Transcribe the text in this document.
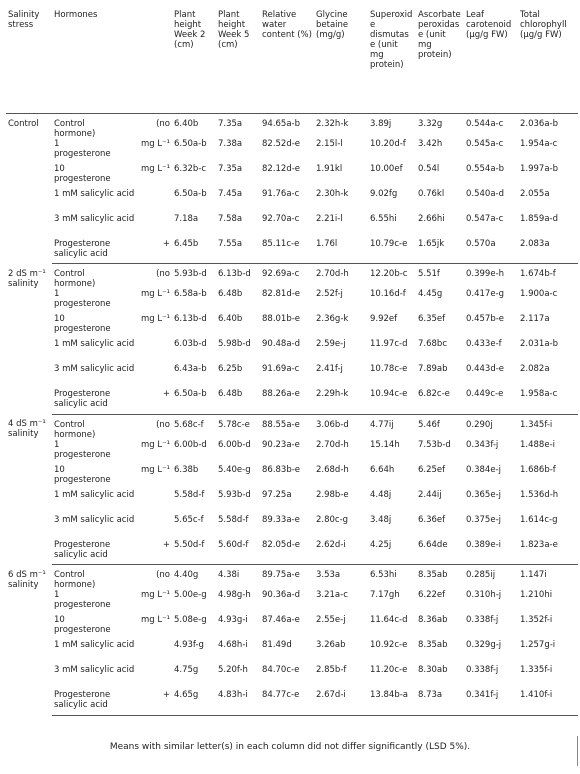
Salinity stress	Hormones	Plant height Week 2 (cm)	Plant height Week 5 (cm)	Relative water content (%)	Glycine betaine (mg/g)	Superoxide dismutase (unit mg protein)	Ascorbate peroxidase (unit mg protein)	Leaf carotenoid (µg/g FW)	Total chlorophyll (µg/g FW)
Control	Control (no
hormone)	6.40b	7.35a	94.65a-b	2.32h-k	3.89j	3.32g	0.544a-c	2.036a-b

	1 mg L⁻¹
progesterone	6.50a-b	7.38a	82.52d-e	2.15l-l	10.20d-f	3.42h	0.545a-c	1.954a-c

	10 mg L⁻¹
progesterone	6.32b-c	7.35a	82.12d-e	1.91kl	10.00ef	0.54l	0.554a-b	1.997a-b

	1 mM salicylic acid	6.50a-b	7.45a	91.76a-c	2.30h-k	9.02fg	0.76kl	0.540a-d	2.055a

	3 mM salicylic acid	7.18a	7.58a	92.70a-c	2.21i-l	6.55hi	2.66hi	0.547a-c	1.859a-d

	Progesterone +
salicylic acid	6.45b	7.55a	85.11c-e	1.76l	10.79c-e	1.65jk	0.570a	2.083a
2 dS m⁻¹ salinity	Control (no
hormone)	5.93b-d	6.13b-d	92.69a-c	2.70d-h	12.20b-c	5.51f	0.399e-h	1.674b-f

	1 mg L⁻¹
progesterone	6.58a-b	6.48b	82.81d-e	2.52f-j	10.16d-f	4.45g	0.417e-g	1.900a-c

	10 mg L⁻¹
progesterone	6.13b-d	6.40b	88.01b-e	2.36g-k	9.92ef	6.35ef	0.457b-e	2.117a

	1 mM salicylic acid	6.03b-d	5.98b-d	90.48a-d	2.59e-j	11.97c-d	7.68bc	0.433e-f	2.031a-b

	3 mM salicylic acid	6.43a-b	6.25b	91.69a-c	2.41f-j	10.78c-e	7.89ab	0.443d-e	2.082a

	Progesterone +
salicylic acid	6.50a-b	6.48b	88.26a-e	2.29h-k	10.94c-e	6.82c-e	0.449c-e	1.958a-c
4 dS m⁻¹ salinity	Control (no
hormone)	5.68c-f	5.78c-e	88.55a-e	3.06b-d	4.77ij	5.46f	0.290j	1.345f-i

	1 mg L⁻¹
progesterone	6.00b-d	6.00b-d	90.23a-e	2.70d-h	15.14h	7.53b-d	0.343f-j	1.488e-i

	10 mg L⁻¹
progesterone	6.38b	5.40e-g	86.83b-e	2.68d-h	6.64h	6.25ef	0.384e-j	1.686b-f

	1 mM salicylic acid	5.58d-f	5.93b-d	97.25a	2.98b-e	4.48j	2.44ij	0.365e-j	1.536d-h

	3 mM salicylic acid	5.65c-f	5.58d-f	89.33a-e	2.80c-g	3.48j	6.36ef	0.375e-j	1.614c-g

	Progesterone +
salicylic acid	5.50d-f	5.60d-f	82.05d-e	2.62d-i	4.25j	6.64de	0.389e-i	1.823a-e
6 dS m⁻¹ salinity	Control (no
hormone)	4.40g	4.38i	89.75a-e	3.53a	6.53hi	8.35ab	0.285ij	1.147i

	1 mg L⁻¹
progesterone	5.00e-g	4.98g-h	90.36a-d	3.21a-c	7.17gh	6.22ef	0.310h-j	1.210hi

	10 mg L⁻¹
progesterone	5.08e-g	4.93g-i	87.46a-e	2.55e-j	11.64c-d	8.36ab	0.338f-j	1.352f-i

	1 mM salicylic acid	4.93f-g	4.68h-i	81.49d	3.26ab	10.92c-e	8.35ab	0.329g-j	1.257g-i

	3 mM salicylic acid	4.75g	5.20f-h	84.70c-e	2.85b-f	11.20c-e	8.30ab	0.338f-j	1.335f-i

	Progesterone +
salicylic acid	4.65g	4.83h-i	84.77c-e	2.67d-i	13.84b-a	8.73a	0.341f-j	1.410f-i
Means with similar letter(s) in each column did not differ significantly (LSD 5%).
